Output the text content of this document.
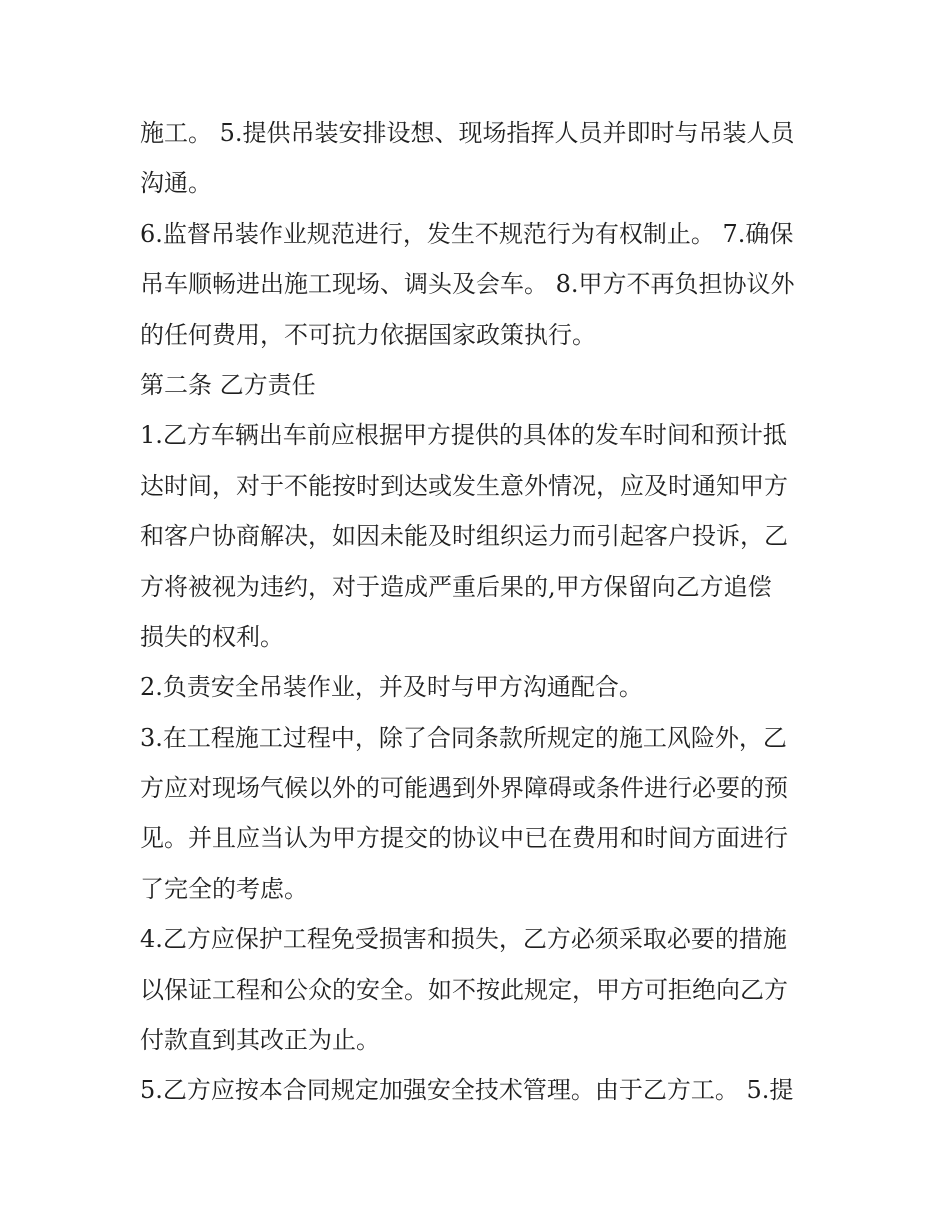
施工。 5.提供吊装安排设想、现场指挥人员并即时与吊装人员
沟通。
6.监督吊装作业规范进行，发生不规范行为有权制止。 7.确保
吊车顺畅进出施工现场、调头及会车。 8.甲方不再负担协议外
的任何费用，不可抗力依据国家政策执行。
第二条 乙方责任
1.乙方车辆出车前应根据甲方提供的具体的发车时间和预计抵
达时间，对于不能按时到达或发生意外情况，应及时通知甲方
和客户协商解决，如因未能及时组织运力而引起客户投诉，乙
方将被视为违约，对于造成严重后果的,甲方保留向乙方追偿
损失的权利。
2.负责安全吊装作业，并及时与甲方沟通配合。
3.在工程施工过程中，除了合同条款所规定的施工风险外，乙
方应对现场气候以外的可能遇到外界障碍或条件进行必要的预
见。并且应当认为甲方提交的协议中已在费用和时间方面进行
了完全的考虑。
4.乙方应保护工程免受损害和损失，乙方必须采取必要的措施
以保证工程和公众的安全。如不按此规定，甲方可拒绝向乙方
付款直到其改正为止。
5.乙方应按本合同规定加强安全技术管理。由于乙方工。 5.提
